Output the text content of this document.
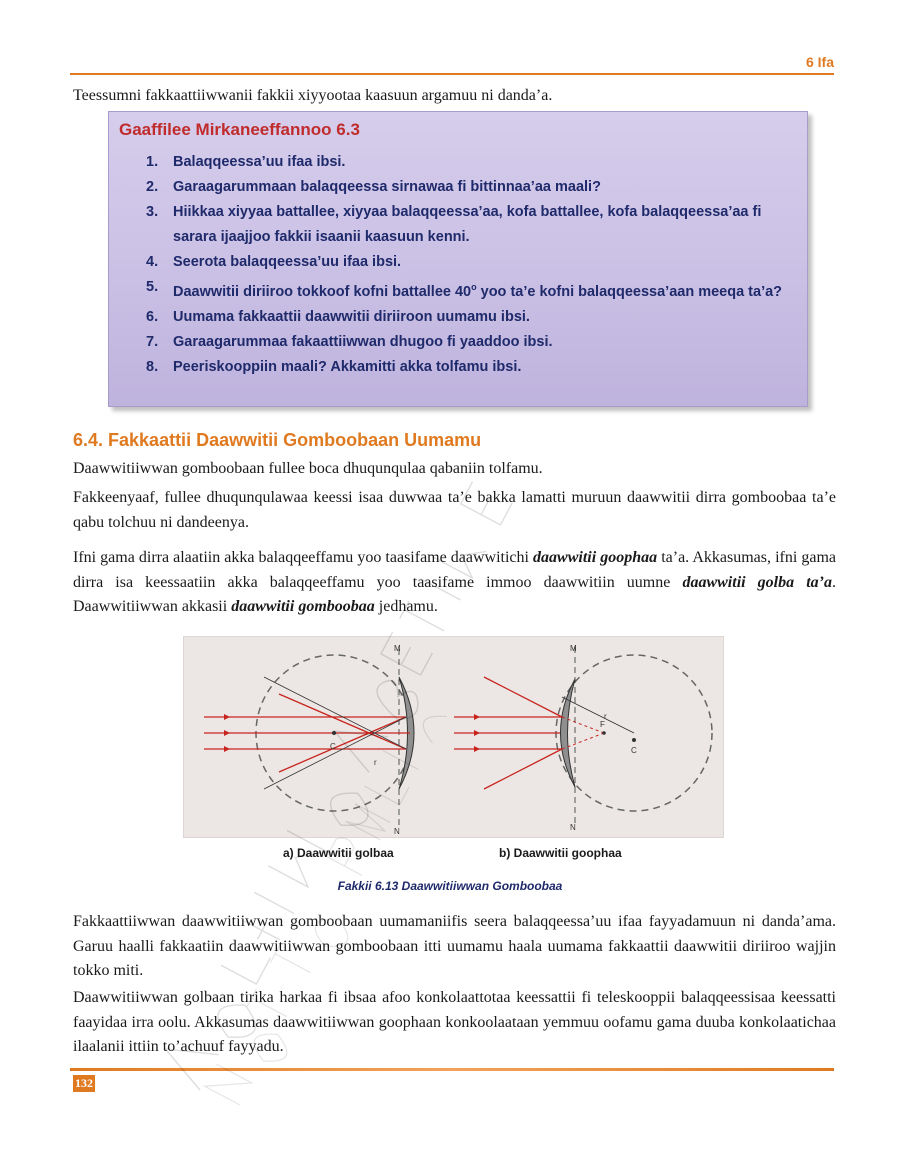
6 Ifa
Teessumni fakkaattiiwwanii fakkii xiyyootaa kaasuun argamuu ni danda’a.
Gaaffilee Mirkaneeffannoo 6.3
1.	Balaqqeessa’uu ifaa ibsi.
2.	Garaagarummaan balaqqeessa sirnawaa fi bittinnaa’aa maali?
3.	Hiikkaa xiyyaa battallee, xiyyaa balaqqeessa’aa, kofa battallee, kofa balaqqeessa’aa fi sarara ijaajjoo fakkii isaanii kaasuun kenni.
4.	Seerota balaqqeessa’uu ifaa ibsi.
5.	Daawwitii diriiroo tokkoof kofni battallee 40$^o$ yoo ta’e kofni balaqqeessa’aan meeqa ta’a?
6.	Uumama fakkaattii daawwitii diriiroon uumamu ibsi.
7.	Garaagarummaa fakaattiiwwan dhugoo fi yaaddoo ibsi.
8.	Peeriskooppiin maali? Akkamitti akka tolfamu ibsi.
6.4. Fakkaattii Daawwitii Gomboobaan Uumamu

Daawwitiiwwan gomboobaan fullee boca dhuqunqulaa qabaniin tolfamu.

Fakkeenyaaf, fullee dhuqunqulawaa keessi isaa duwwaa ta’e bakka lamatti muruun daawwitii dirra gomboobaa ta’e qabu tolchuu ni dandeenya.

Ifni gama dirra alaatiin akka balaqqeeffamu yoo taasifame daawwitichi daawwitii goophaa ta’a. Akkasumas, ifni gama dirra isa keessaatiin akka balaqqeeffamu yoo taasifame immoo daawwitiin uumne daawwitii golba ta’a. Daawwitiiwwan akkasii daawwitii gomboobaa jedhamu.

M
N
C
r
M
N
C
F
r
a) Daawwitii golbaa	b) Daawwitii goophaa
Fakkii 6.13 Daawwitiiwwan Gomboobaa

Fakkaattiiwwan daawwitiiwwan gomboobaan uumamaniifis seera balaqqeessa’uu ifaa fayyadamuun ni danda’ama. Garuu haalli fakkaatiin daawwitiiwwan gomboobaan itti uumamu haala uumama fakkaattii daawwitii diriiroo wajjin tokko miti.

Daawwitiiwwan golbaan tirika harkaa fi ibsaa afoo konkolaattotaa keessattii fi teleskooppii balaqqeessisaa keessatti faayidaa irra oolu. Akkasumas daawwitiiwwan goophaan konkoolaataan yemmuu oofamu gama duuba konkolaatichaa ilaalanii ittiin to’achuuf fayyadu.

132
